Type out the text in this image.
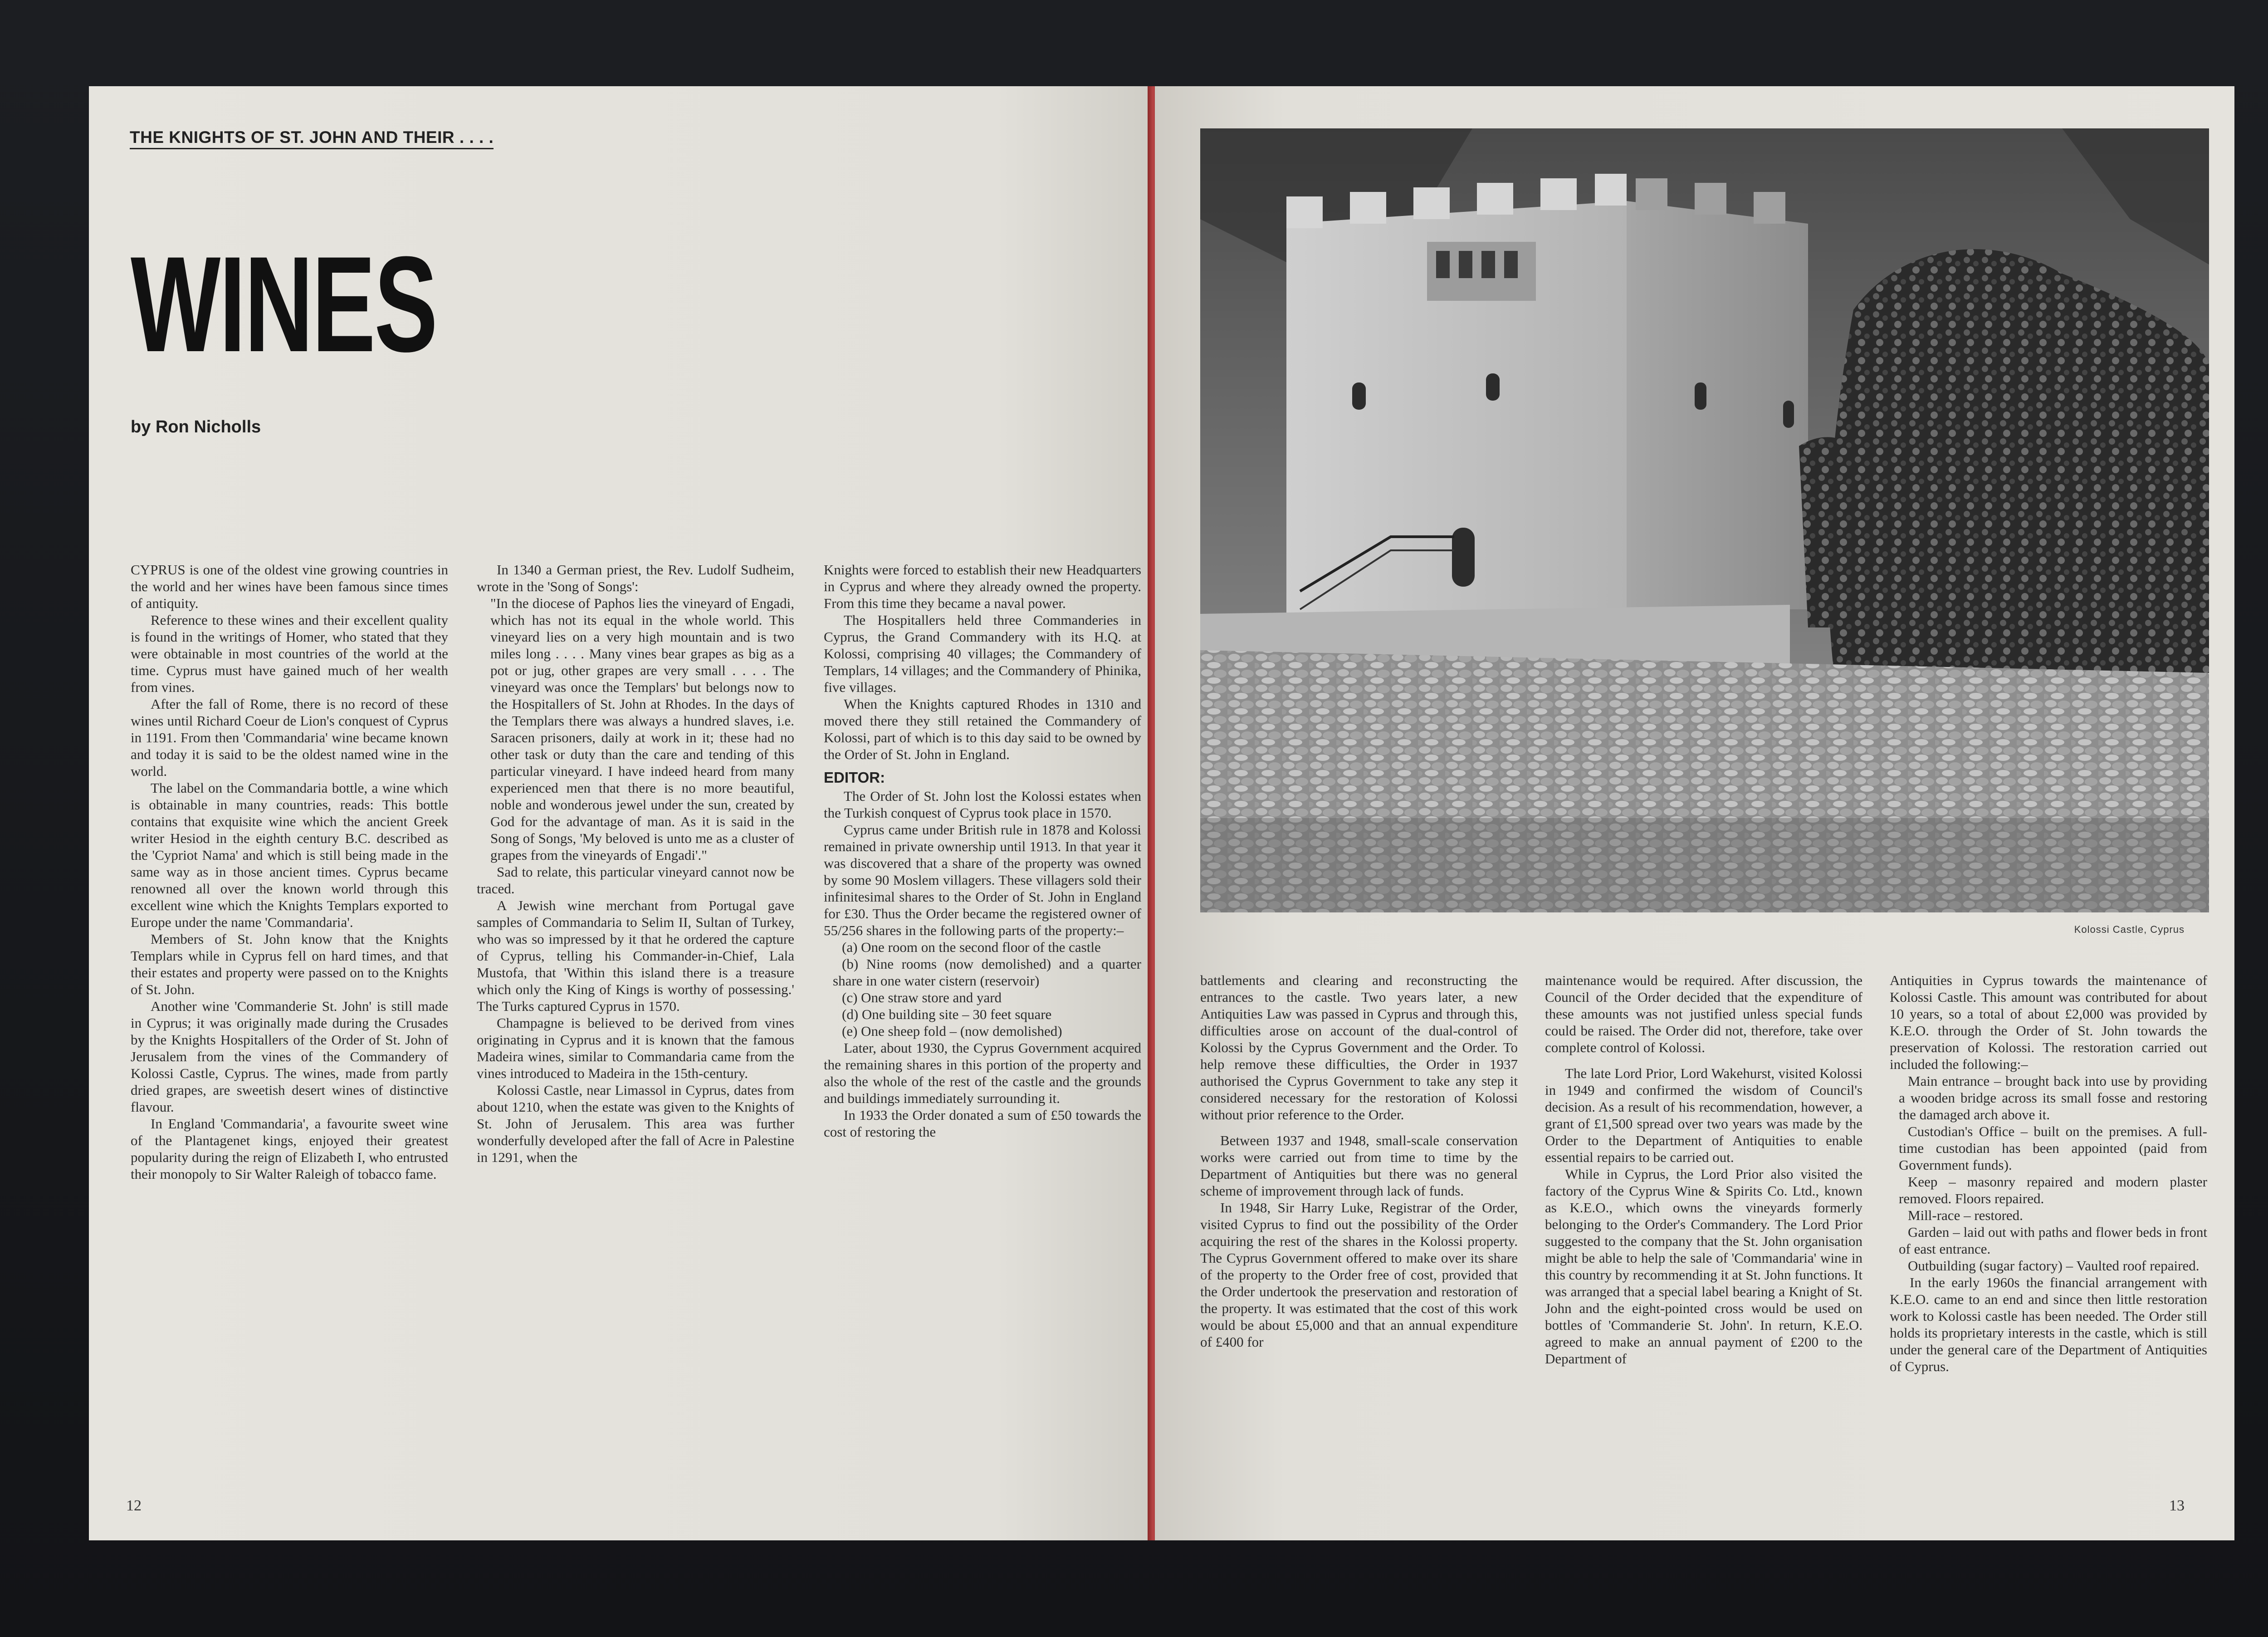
THE KNIGHTS OF ST. JOHN AND THEIR . . . .
WINES

by Ron Nicholls

CYPRUS is one of the oldest vine growing countries in the world and her wines have been famous since times of antiquity.

Reference to these wines and their excellent quality is found in the writings of Homer, who stated that they were obtainable in most countries of the world at the time. Cyprus must have gained much of her wealth from vines.

After the fall of Rome, there is no record of these wines until Richard Coeur de Lion's conquest of Cyprus in 1191. From then 'Commandaria' wine became known and today it is said to be the oldest named wine in the world.

The label on the Commandaria bottle, a wine which is obtainable in many countries, reads: This bottle contains that exquisite wine which the ancient Greek writer Hesiod in the eighth century B.C. described as the 'Cypriot Nama' and which is still being made in the same way as in those ancient times. Cyprus became renowned all over the known world through this excellent wine which the Knights Templars exported to Europe under the name 'Commandaria'.

Members of St. John know that the Knights Templars while in Cyprus fell on hard times, and that their estates and property were passed on to the Knights of St. John.

Another wine 'Commanderie St. John' is still made in Cyprus; it was originally made during the Crusades by the Knights Hospitallers of the Order of St. John of Jerusalem from the vines of the Commandery of Kolossi Castle, Cyprus. The wines, made from partly dried grapes, are sweetish desert wines of distinctive flavour.

In England 'Commandaria', a favourite sweet wine of the Plantagenet kings, enjoyed their greatest popularity during the reign of Elizabeth I, who entrusted their monopoly to Sir Walter Raleigh of tobacco fame.

In 1340 a German priest, the Rev. Ludolf Sudheim, wrote in the 'Song of Songs':

"In the diocese of Paphos lies the vineyard of Engadi, which has not its equal in the whole world. This vineyard lies on a very high mountain and is two miles long . . . . Many vines bear grapes as big as a pot or jug, other grapes are very small . . . . The vineyard was once the Templars' but belongs now to the Hospitallers of St. John at Rhodes. In the days of the Templars there was always a hundred slaves, i.e. Saracen prisoners, daily at work in it; these had no other task or duty than the care and tending of this particular vineyard. I have indeed heard from many experienced men that there is no more beautiful, noble and wonderous jewel under the sun, created by God for the advantage of man. As it is said in the Song of Songs, 'My beloved is unto me as a cluster of grapes from the vineyards of Engadi'."

Sad to relate, this particular vineyard cannot now be traced.

A Jewish wine merchant from Portugal gave samples of Commandaria to Selim II, Sultan of Turkey, who was so impressed by it that he ordered the capture of Cyprus, telling his Commander-in-Chief, Lala Mustofa, that 'Within this island there is a treasure which only the King of Kings is worthy of possessing.' The Turks captured Cyprus in 1570.

Champagne is believed to be derived from vines originating in Cyprus and it is known that the famous Madeira wines, similar to Commandaria came from the vines introduced to Madeira in the 15th-century.

Kolossi Castle, near Limassol in Cyprus, dates from about 1210, when the estate was given to the Knights of St. John of Jerusalem. This area was further wonderfully developed after the fall of Acre in Palestine in 1291, when the

Knights were forced to establish their new Headquarters in Cyprus and where they already owned the property. From this time they became a naval power.

The Hospitallers held three Commanderies in Cyprus, the Grand Commandery with its H.Q. at Kolossi, comprising 40 villages; the Commandery of Templars, 14 villages; and the Commandery of Phinika, five villages.

When the Knights captured Rhodes in 1310 and moved there they still retained the Commandery of Kolossi, part of which is to this day said to be owned by the Order of St. John in England.

EDITOR:

The Order of St. John lost the Kolossi estates when the Turkish conquest of Cyprus took place in 1570.

Cyprus came under British rule in 1878 and Kolossi remained in private ownership until 1913. In that year it was discovered that a share of the property was owned by some 90 Moslem villagers. These villagers sold their infinitesimal shares to the Order of St. John in England for £30. Thus the Order became the registered owner of 55/256 shares in the following parts of the property:–

(a) One room on the second floor of the castle

(b) Nine rooms (now demolished) and a quarter share in one water cistern (reservoir)

(c) One straw store and yard

(d) One building site – 30 feet square

(e) One sheep fold – (now demolished)

Later, about 1930, the Cyprus Government acquired the remaining shares in this portion of the property and also the whole of the rest of the castle and the grounds and buildings immediately surrounding it.

In 1933 the Order donated a sum of £50 towards the cost of restoring the

12

Kolossi Castle, Cyprus

battlements and clearing and reconstructing the entrances to the castle. Two years later, a new Antiquities Law was passed in Cyprus and through this, difficulties arose on account of the dual-control of Kolossi by the Cyprus Government and the Order. To help remove these difficulties, the Order in 1937 authorised the Cyprus Government to take any step it considered necessary for the restoration of Kolossi without prior reference to the Order.

Between 1937 and 1948, small-scale conservation works were carried out from time to time by the Department of Antiquities but there was no general scheme of improvement through lack of funds.

In 1948, Sir Harry Luke, Registrar of the Order, visited Cyprus to find out the possibility of the Order acquiring the rest of the shares in the Kolossi property. The Cyprus Government offered to make over its share of the property to the Order free of cost, provided that the Order undertook the preservation and restoration of the property. It was estimated that the cost of this work would be about £5,000 and that an annual expenditure of £400 for

maintenance would be required. After discussion, the Council of the Order decided that the expenditure of these amounts was not justified unless special funds could be raised. The Order did not, therefore, take over complete control of Kolossi.

The late Lord Prior, Lord Wakehurst, visited Kolossi in 1949 and confirmed the wisdom of Council's decision. As a result of his recommendation, however, a grant of £1,500 spread over two years was made by the Order to the Department of Antiquities to enable essential repairs to be carried out.

While in Cyprus, the Lord Prior also visited the factory of the Cyprus Wine & Spirits Co. Ltd., known as K.E.O., which owns the vineyards formerly belonging to the Order's Commandery. The Lord Prior suggested to the company that the St. John organisation might be able to help the sale of 'Commandaria' wine in this country by recommending it at St. John functions. It was arranged that a special label bearing a Knight of St. John and the eight-pointed cross would be used on bottles of 'Commanderie St. John'. In return, K.E.O. agreed to make an annual payment of £200 to the Department of

Antiquities in Cyprus towards the maintenance of Kolossi Castle. This amount was contributed for about 10 years, so a total of about £2,000 was provided by K.E.O. through the Order of St. John towards the preservation of Kolossi. The restoration carried out included the following:–

Main entrance – brought back into use by providing a wooden bridge across its small fosse and restoring the damaged arch above it.

Custodian's Office – built on the premises. A full-time custodian has been appointed (paid from Government funds).

Keep – masonry repaired and modern plaster removed. Floors repaired.

Mill-race – restored.

Garden – laid out with paths and flower beds in front of east entrance.

Outbuilding (sugar factory) – Vaulted roof repaired.

In the early 1960s the financial arrangement with K.E.O. came to an end and since then little restoration work to Kolossi castle has been needed. The Order still holds its proprietary interests in the castle, which is still under the general care of the Department of Antiquities of Cyprus.

13
